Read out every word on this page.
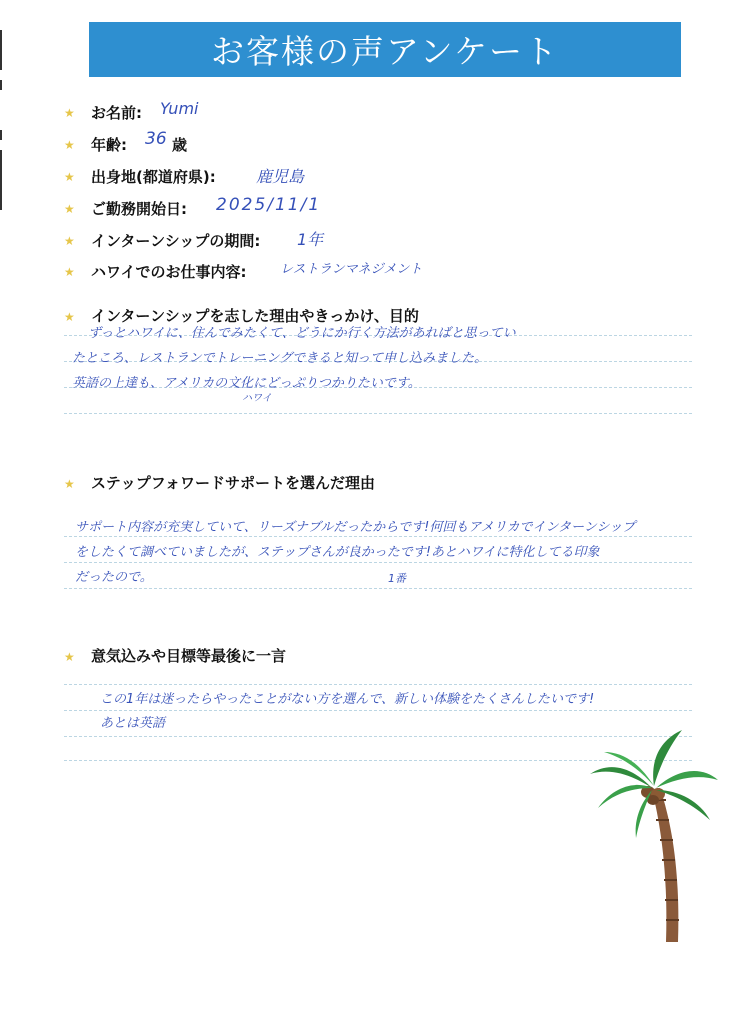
お客様の声アンケート
★ お名前: Yumi
★ 年齢: 36 歳
★ 出身地(都道府県):	鹿児島
★ ご勤務開始日: 2025/11/1
★ インターンシップの期間: 1年
★ ハワイでのお仕事内容:	レストランマネジメント
★ インターンシップを志した理由やきっかけ、目的
ずっとハワイに、住んでみたくて、どうにか行く方法があればと思ってい
たところ、レストランでトレーニングできると知って申し込みました。
英語の上達も、アメリカの文化にどっぷりつかりたいです。
ハワイ
★ ステップフォワードサポートを選んだ理由
サポート内容が充実していて、リーズナブルだったからです!何回もアメリカでインターンシップ
をしたくて調べていましたが、ステップさんが良かったです!あとハワイに特化してる印象
だったので。	1番
★ 意気込みや目標等最後に一言
この1年は迷ったらやったことがない方を選んで、新しい体験をたくさんしたいです!
あとは英語
